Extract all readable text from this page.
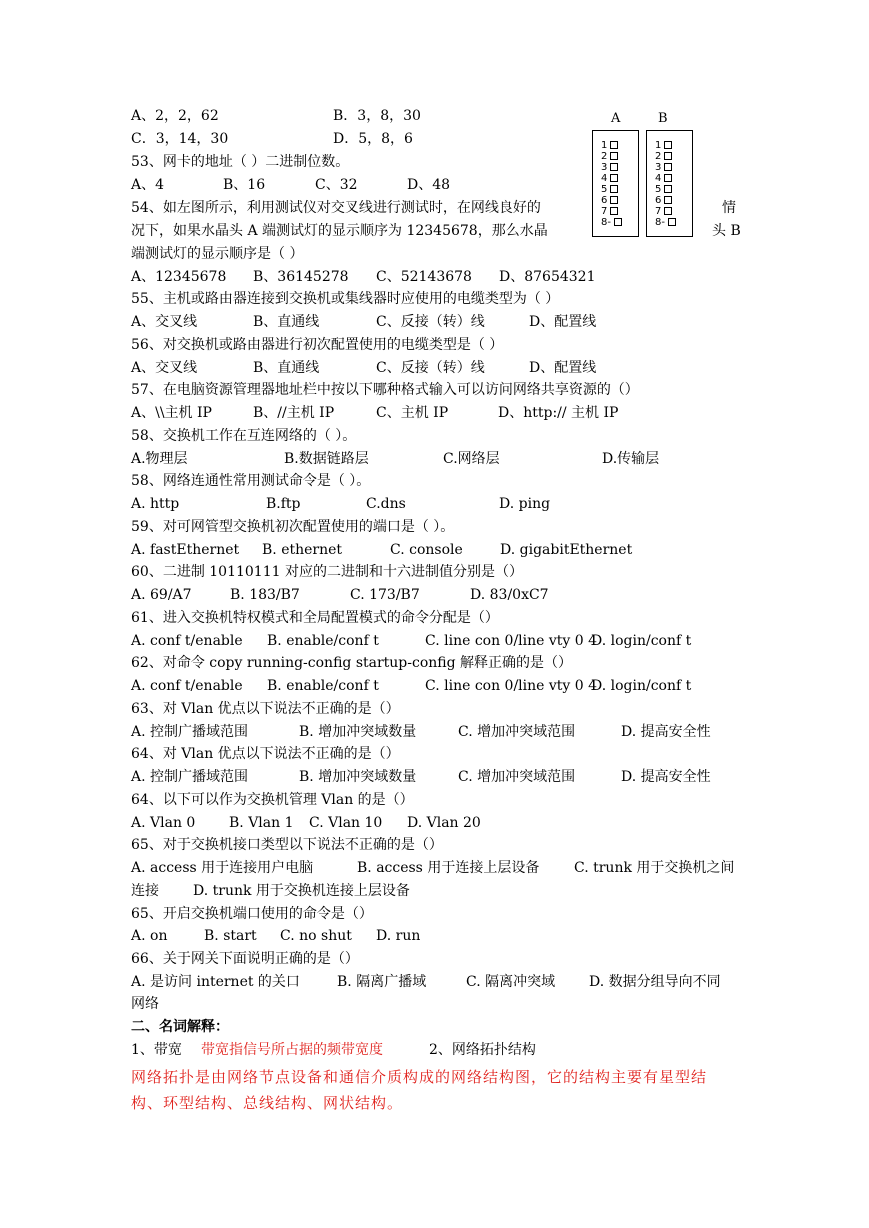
A、2，2，62	B．3，8，30
C．3，14，30	D．5，8，6
53、网卡的地址（ ）二进制位数。
A、4	B、16	C、32	D、48
54、如左图所示，利用测试仪对交叉线进行测试时，在网线良好的	情
况下，如果水晶头 A 端测试灯的显示顺序为 12345678，那么水晶	头 B
端测试灯的显示顺序是（ ）
A、12345678 B、36145278 C、52143678 D、87654321
55、主机或路由器连接到交换机或集线器时应使用的电缆类型为（ ）
A、交叉线	B、直通线	C、反接（转）线	D、配置线
56、对交换机或路由器进行初次配置使用的电缆类型是（ ）
A、交叉线	B、直通线	C、反接（转）线	D、配置线
57、在电脑资源管理器地址栏中按以下哪种格式输入可以访问网络共享资源的（）
A、\\主机 IP	B、//主机 IP	C、主机 IP	D、http:// 主机 IP
58、交换机工作在互连网络的（ ）。
A.物理层	B.数据链路层	C.网络层	D.传输层
58、网络连通性常用测试命令是（ ）。
A. http	B.ftp	C.dns	D. ping
59、对可网管型交换机初次配置使用的端口是（ ）。
A. fastEthernet B. ethernet	C. console	D. gigabitEthernet
60、二进制 10110111 对应的二进制和十六进制值分别是（）
A. 69/A7	B. 183/B7	C. 173/B7	D. 83/0xC7
61、进入交换机特权模式和全局配置模式的命令分配是（）
A. conf t/enable B. enable/conf t	C. line con 0/line vty 0 4
D. login/conf t
62、对命令 copy running-config startup-config 解释正确的是（）
A. conf t/enable B. enable/conf t	C. line con 0/line vty 0 4
D. login/conf t
63、对 Vlan 优点以下说法不正确的是（）
A. 控制广播域范围	B. 增加冲突域数量	C. 增加冲突域范围	D. 提高安全性
64、对 Vlan 优点以下说法不正确的是（）
A. 控制广播域范围	B. 增加冲突域数量	C. 增加冲突域范围	D. 提高安全性
64、以下可以作为交换机管理 Vlan 的是（）
A. Vlan 0 B. Vlan 1 C. Vlan 10 D. Vlan 20
65、对于交换机接口类型以下说法不正确的是（）
A. access 用于连接用户电脑	B. access 用于连接上层设备 C. trunk 用于交换机之间
连接 D. trunk 用于交换机连接上层设备
65、开启交换机端口使用的命令是（）
A. on	B. start C. no shut D. run
66、关于网关下面说明正确的是（）
A. 是访问 internet 的关口	B. 隔离广播域	C. 隔离冲突域 D. 数据分组导向不同
网络
二、名词解释：
1、带宽 带宽指信号所占据的频带宽度	2、网络拓扑结构
网络拓扑是由网络节点设备和通信介质构成的网络结构图，它的结构主要有星型结
构、环型结构、总线结构、网状结构。
A	B
1
2
3
4
5
6
7
8-
1
2
3
4
5
6
7
8-
